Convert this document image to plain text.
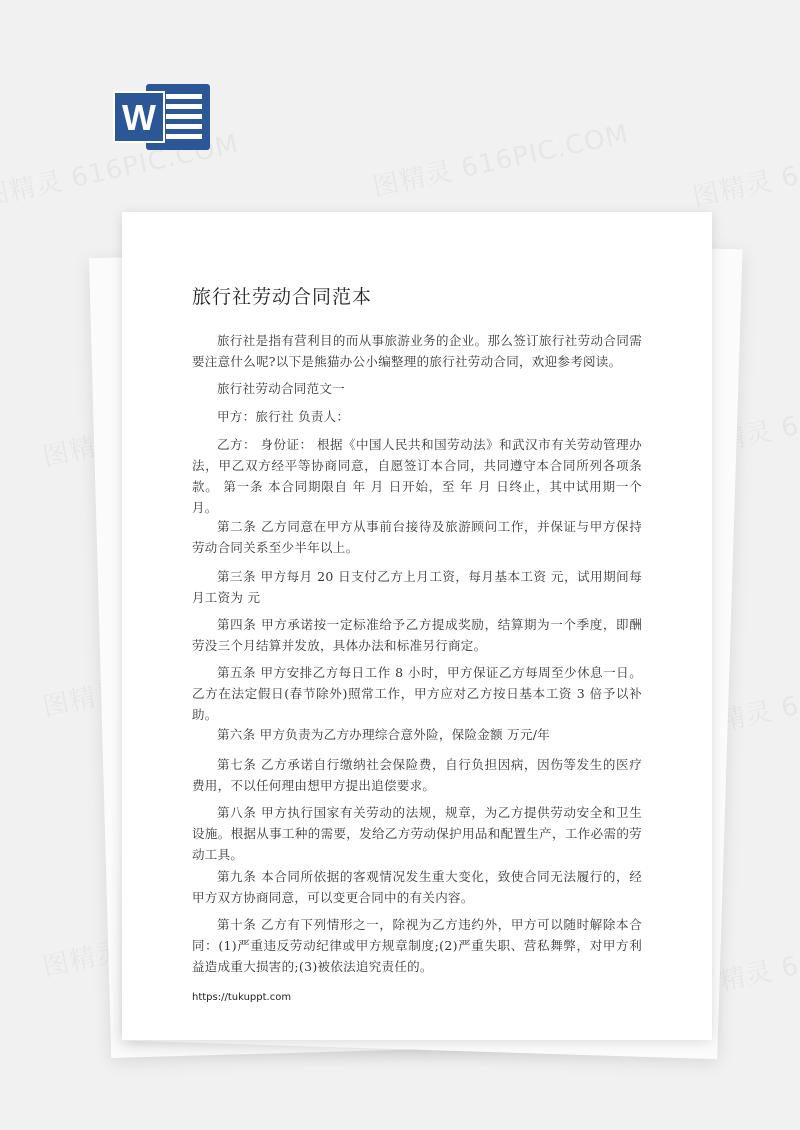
W
旅行社劳动合同范本

旅行社是指有营利目的而从事旅游业务的企业。那么签订旅行社劳动合同需要注意什么呢?以下是熊猫办公小编整理的旅行社劳动合同，欢迎参考阅读。

旅行社劳动合同范文一

甲方：旅行社 负责人：

乙方： 身份证： 根据《中国人民共和国劳动法》和武汉市有关劳动管理办法，甲乙双方经平等协商同意，自愿签订本合同，共同遵守本合同所列各项条款。 第一条 本合同期限自 年 月 日开始，至 年 月 日终止，其中试用期一个月。

第二条 乙方同意在甲方从事前台接待及旅游顾问工作，并保证与甲方保持劳动合同关系至少半年以上。

第三条 甲方每月 20 日支付乙方上月工资，每月基本工资 元，试用期间每月工资为 元

第四条 甲方承诺按一定标准给予乙方提成奖励，结算期为一个季度，即酬劳没三个月结算并发放，具体办法和标准另行商定。

第五条 甲方安排乙方每日工作 8 小时，甲方保证乙方每周至少休息一日。乙方在法定假日(春节除外)照常工作，甲方应对乙方按日基本工资 3 倍予以补助。

第六条 甲方负责为乙方办理综合意外险，保险金额 万元/年

第七条 乙方承诺自行缴纳社会保险费，自行负担因病，因伤等发生的医疗费用，不以任何理由想甲方提出追偿要求。

第八条 甲方执行国家有关劳动的法规，规章，为乙方提供劳动安全和卫生设施。根据从事工种的需要，发给乙方劳动保护用品和配置生产，工作必需的劳动工具。

第九条 本合同所依据的客观情况发生重大变化，致使合同无法履行的，经甲方双方协商同意，可以变更合同中的有关内容。

第十条 乙方有下列情形之一，除视为乙方违约外，甲方可以随时解除本合同：(1)严重违反劳动纪律或甲方规章制度;(2)严重失职、营私舞弊，对甲方利益造成重大损害的;(3)被依法追究责任的。

https://tukuppt.com
